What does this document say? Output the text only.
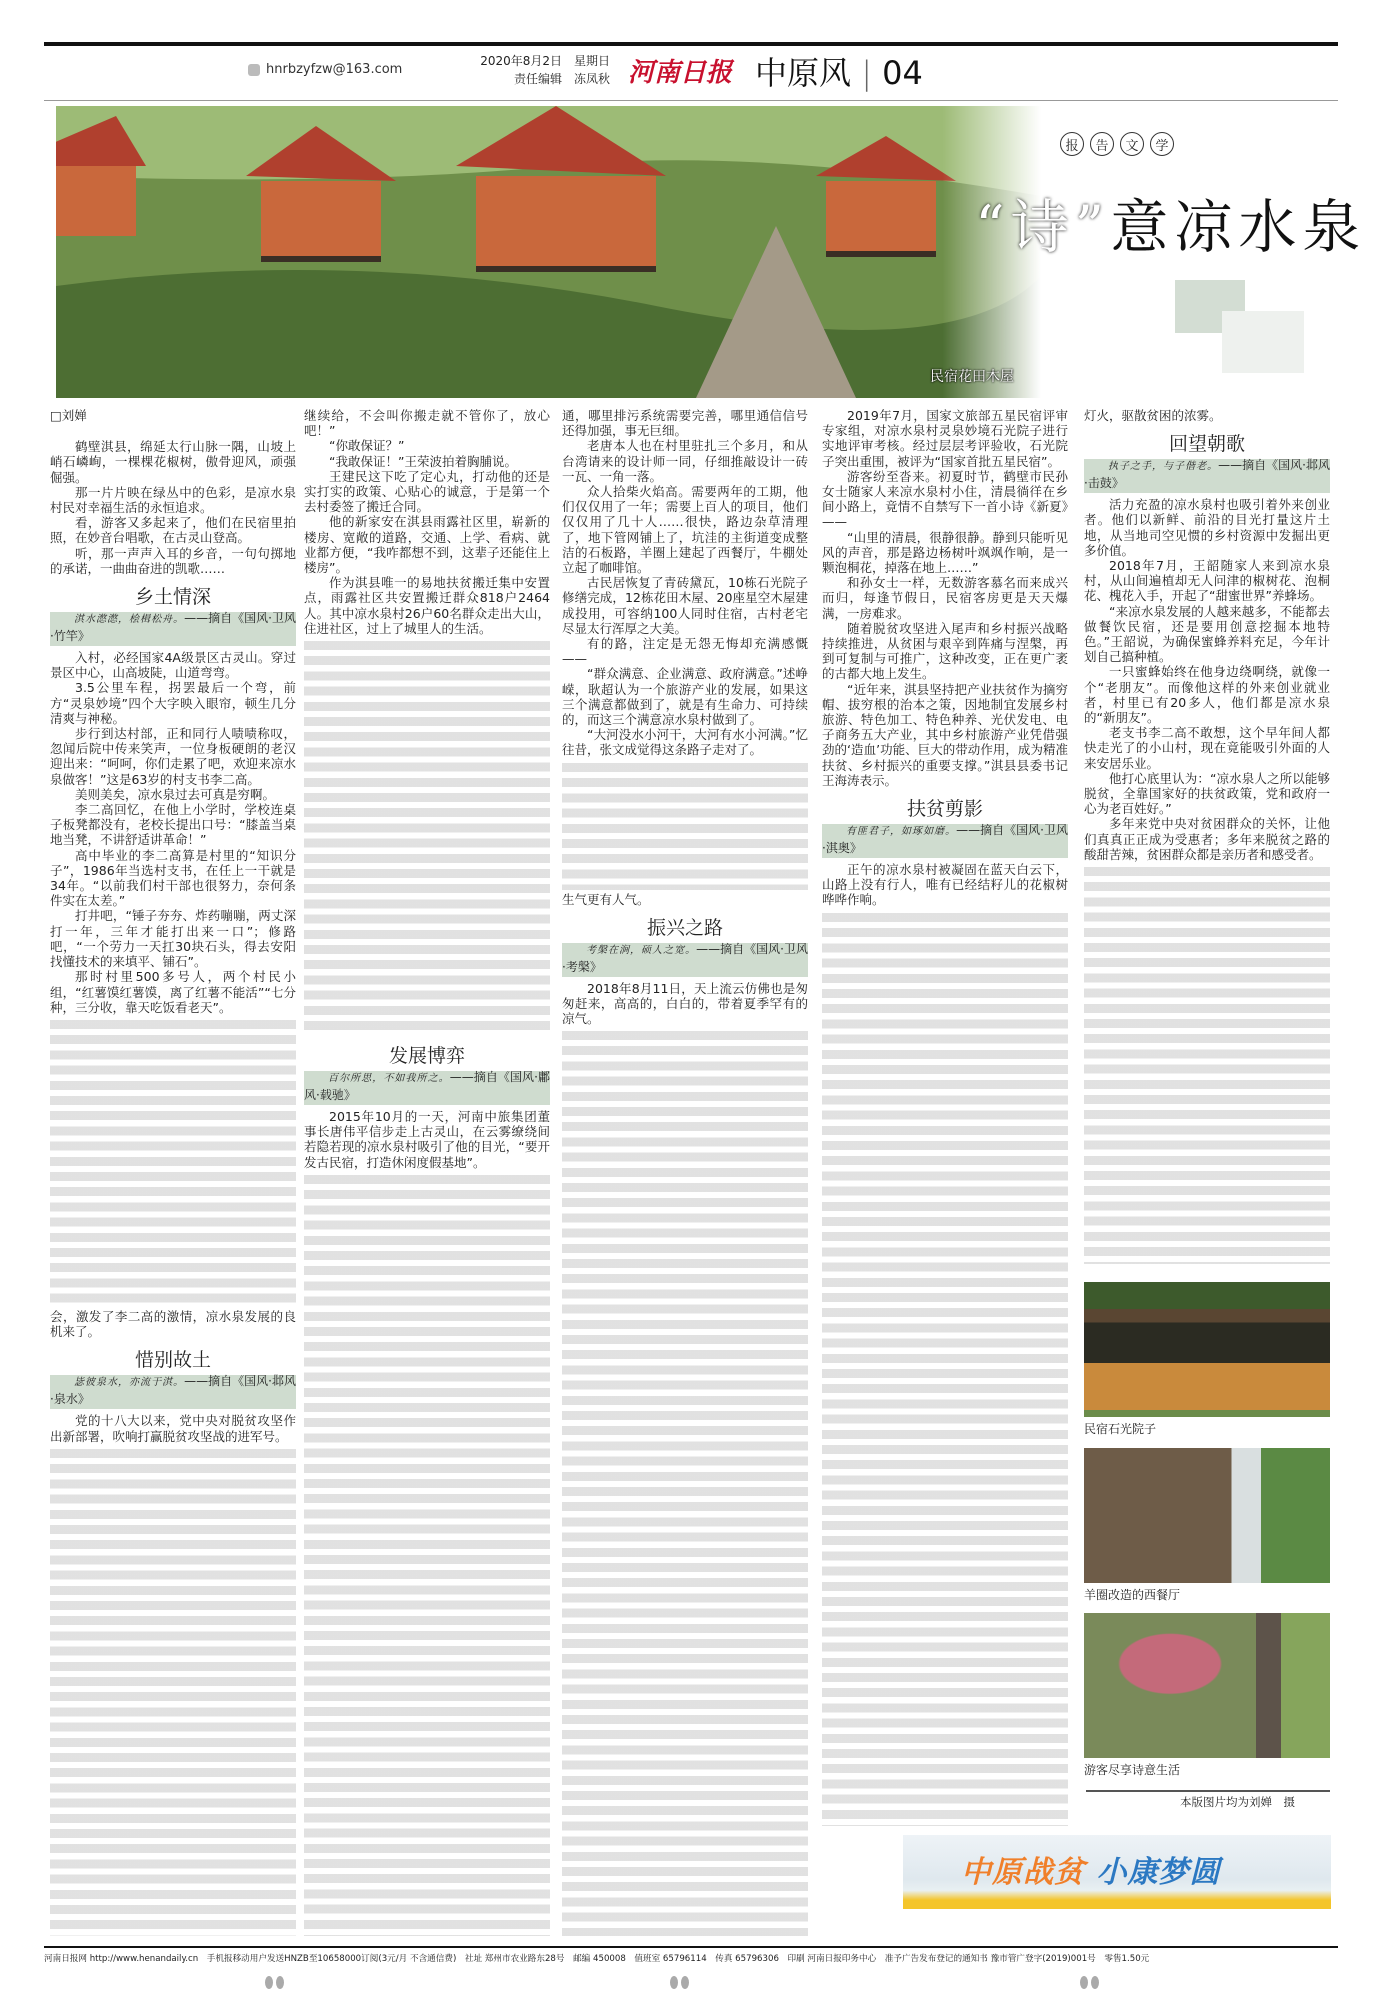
hnrbzyfzw@163.com
2020年8月2日　星期日
责任编辑　冻凤秋 河南日报 中原风 | 04
民宿花田木屋
报	告	文	学
“诗”意凉水泉

□刘婵

鹤壁淇县，绵延太行山脉一隅，山坡上峭石嶙峋，一棵棵花椒树，傲骨迎风，顽强倔强。

那一片片映在绿丛中的色彩，是凉水泉村民对幸福生活的永恒追求。

看，游客又多起来了，他们在民宿里拍照，在妙音台唱歌，在古灵山登高。

听，那一声声入耳的乡音，一句句掷地的承诺，一曲曲奋进的凯歌……

乡土情深
淇水滺滺，桧楫松舟。——摘自《国风·卫风·竹竿》

入村，必经国家4A级景区古灵山。穿过景区中心，山高坡陡，山道弯弯。

3.5公里车程，拐罢最后一个弯，前方“灵泉妙境”四个大字映入眼帘，顿生几分清爽与神秘。

步行到达村部，正和同行人啧啧称叹，忽闻后院中传来笑声，一位身板硬朗的老汉迎出来：“呵呵，你们走累了吧，欢迎来凉水泉做客！”这是63岁的村支书李二高。

美则美矣，凉水泉过去可真是穷啊。

李二高回忆，在他上小学时，学校连桌子板凳都没有，老校长提出口号：“膝盖当桌地当凳，不讲舒适讲革命！”

高中毕业的李二高算是村里的“知识分子”，1986年当选村支书，在任上一干就是34年。“以前我们村干部也很努力，奈何条件实在太差。”

打井吧，“锤子夯夯、炸药嘣嘣，两丈深打一年，三年才能打出来一口”；修路吧，“一个劳力一天扛30块石头，得去安阳找懂技术的来填平、铺石”。

那时村里500多号人，两个村民小组，“红薯馍红薯馍，离了红薯不能活”“七分种，三分收，靠天吃饭看老天”。

会，激发了李二高的激情，凉水泉发展的良机来了。

惜别故土
毖彼泉水，亦流于淇。——摘自《国风·邶风·泉水》

党的十八大以来，党中央对脱贫攻坚作出新部署，吹响打赢脱贫攻坚战的进军号。

继续给，不会叫你搬走就不管你了，放心吧！”

“你敢保证？”

“我敢保证！”王荣波拍着胸脯说。

王建民这下吃了定心丸，打动他的还是实打实的政策、心贴心的诚意，于是第一个去村委签了搬迁合同。

他的新家安在淇县雨露社区里，崭新的楼房、宽敞的道路，交通、上学、看病、就业都方便，“我咋都想不到，这辈子还能住上楼房”。

作为淇县唯一的易地扶贫搬迁集中安置点，雨露社区共安置搬迁群众818户2464人。其中凉水泉村26户60名群众走出大山，住进社区，过上了城里人的生活。

发展博弈
百尔所思，不如我所之。——摘自《国风·鄘风·载驰》

2015年10月的一天，河南中旅集团董事长唐伟平信步走上古灵山，在云雾缭绕间若隐若现的凉水泉村吸引了他的目光，“要开发古民宿，打造休闲度假基地”。

通，哪里排污系统需要完善，哪里通信信号还得加强，事无巨细。

老唐本人也在村里驻扎三个多月，和从台湾请来的设计师一同，仔细推敲设计一砖一瓦、一角一落。

众人拾柴火焰高。需要两年的工期，他们仅仅用了一年；需要上百人的项目，他们仅仅用了几十人……很快，路边杂草清理了，地下管网铺上了，坑洼的主街道变成整洁的石板路，羊圈上建起了西餐厅，牛棚处立起了咖啡馆。

古民居恢复了青砖黛瓦，10栋石光院子修缮完成，12栋花田木屋、20座星空木屋建成投用，可容纳100人同时住宿，古村老宅尽显太行浑厚之大美。

有的路，注定是无怨无悔却充满感慨——

“群众满意、企业满意、政府满意。”述峥嵘，耿超认为一个旅游产业的发展，如果这三个满意都做到了，就是有生命力、可持续的，而这三个满意凉水泉村做到了。

“大河没水小河干，大河有水小河满。”忆往昔，张文成觉得这条路子走对了。

生气更有人气。

振兴之路
考槃在涧，硕人之宽。——摘自《国风·卫风·考槃》

2018年8月11日，天上流云仿佛也是匆匆赶来，高高的，白白的，带着夏季罕有的凉气。

2019年7月，国家文旅部五星民宿评审专家组，对凉水泉村灵泉妙境石光院子进行实地评审考核。经过层层考评验收，石光院子突出重围，被评为“国家首批五星民宿”。

游客纷至沓来。初夏时节，鹤壁市民孙女士随家人来凉水泉村小住，清晨徜徉在乡间小路上，竟情不自禁写下一首小诗《新夏》——

“山里的清晨，很静很静。静到只能听见风的声音，那是路边杨树叶飒飒作响，是一颗泡桐花，掉落在地上……”

和孙女士一样，无数游客慕名而来成兴而归，每逢节假日，民宿客房更是天天爆满，一房难求。

随着脱贫攻坚进入尾声和乡村振兴战略持续推进，从贫困与艰辛到阵痛与涅槃，再到可复制与可推广，这种改变，正在更广袤的古都大地上发生。

“近年来，淇县坚持把产业扶贫作为摘穷帽、拔穷根的治本之策，因地制宜发展乡村旅游、特色加工、特色种养、光伏发电、电子商务五大产业，其中乡村旅游产业凭借强劲的‘造血’功能、巨大的带动作用，成为精准扶贫、乡村振兴的重要支撑。”淇县县委书记王海涛表示。

扶贫剪影
有匪君子，如琢如磨。——摘自《国风·卫风·淇奥》

正午的凉水泉村被凝固在蓝天白云下，山路上没有行人，唯有已经结籽儿的花椒树哗哗作响。

灯火，驱散贫困的浓雾。

回望朝歌
执子之手，与子偕老。——摘自《国风·邶风·击鼓》

活力充盈的凉水泉村也吸引着外来创业者。他们以新鲜、前沿的目光打量这片土地，从当地司空见惯的乡村资源中发掘出更多价值。

2018年7月，王韶随家人来到凉水泉村，从山间遍植却无人问津的椒树花、泡桐花、槐花入手，开起了“甜蜜世界”养蜂场。

“来凉水泉发展的人越来越多，不能都去做餐饮民宿，还是要用创意挖掘本地特色。”王韶说，为确保蜜蜂养料充足，今年计划自己搞种植。

一只蜜蜂始终在他身边绕啊绕，就像一个“老朋友”。而像他这样的外来创业就业者，村里已有20多人，他们都是凉水泉的“新朋友”。

老支书李二高不敢想，这个早年间人都快走光了的小山村，现在竟能吸引外面的人来安居乐业。

他打心底里认为：“凉水泉人之所以能够脱贫，全靠国家好的扶贫政策，党和政府一心为老百姓好。”

多年来党中央对贫困群众的关怀，让他们真真正正成为受惠者；多年来脱贫之路的酸甜苦辣，贫困群众都是亲历者和感受者。

民宿石光院子
羊圈改造的西餐厅
游客尽享诗意生活
本版图片均为刘婵　摄
中原战贫 小康梦圆
河南日报网 http://www.henandaily.cn　手机报移动用户发送HNZB至10658000订阅(3元/月 不含通信费)　社址 郑州市农业路东28号　邮编 450008　值班室 65796114　传真 65796306　印刷 河南日报印务中心　准予广告发布登记的通知书 豫市管广登字(2019)001号　零售1.50元
